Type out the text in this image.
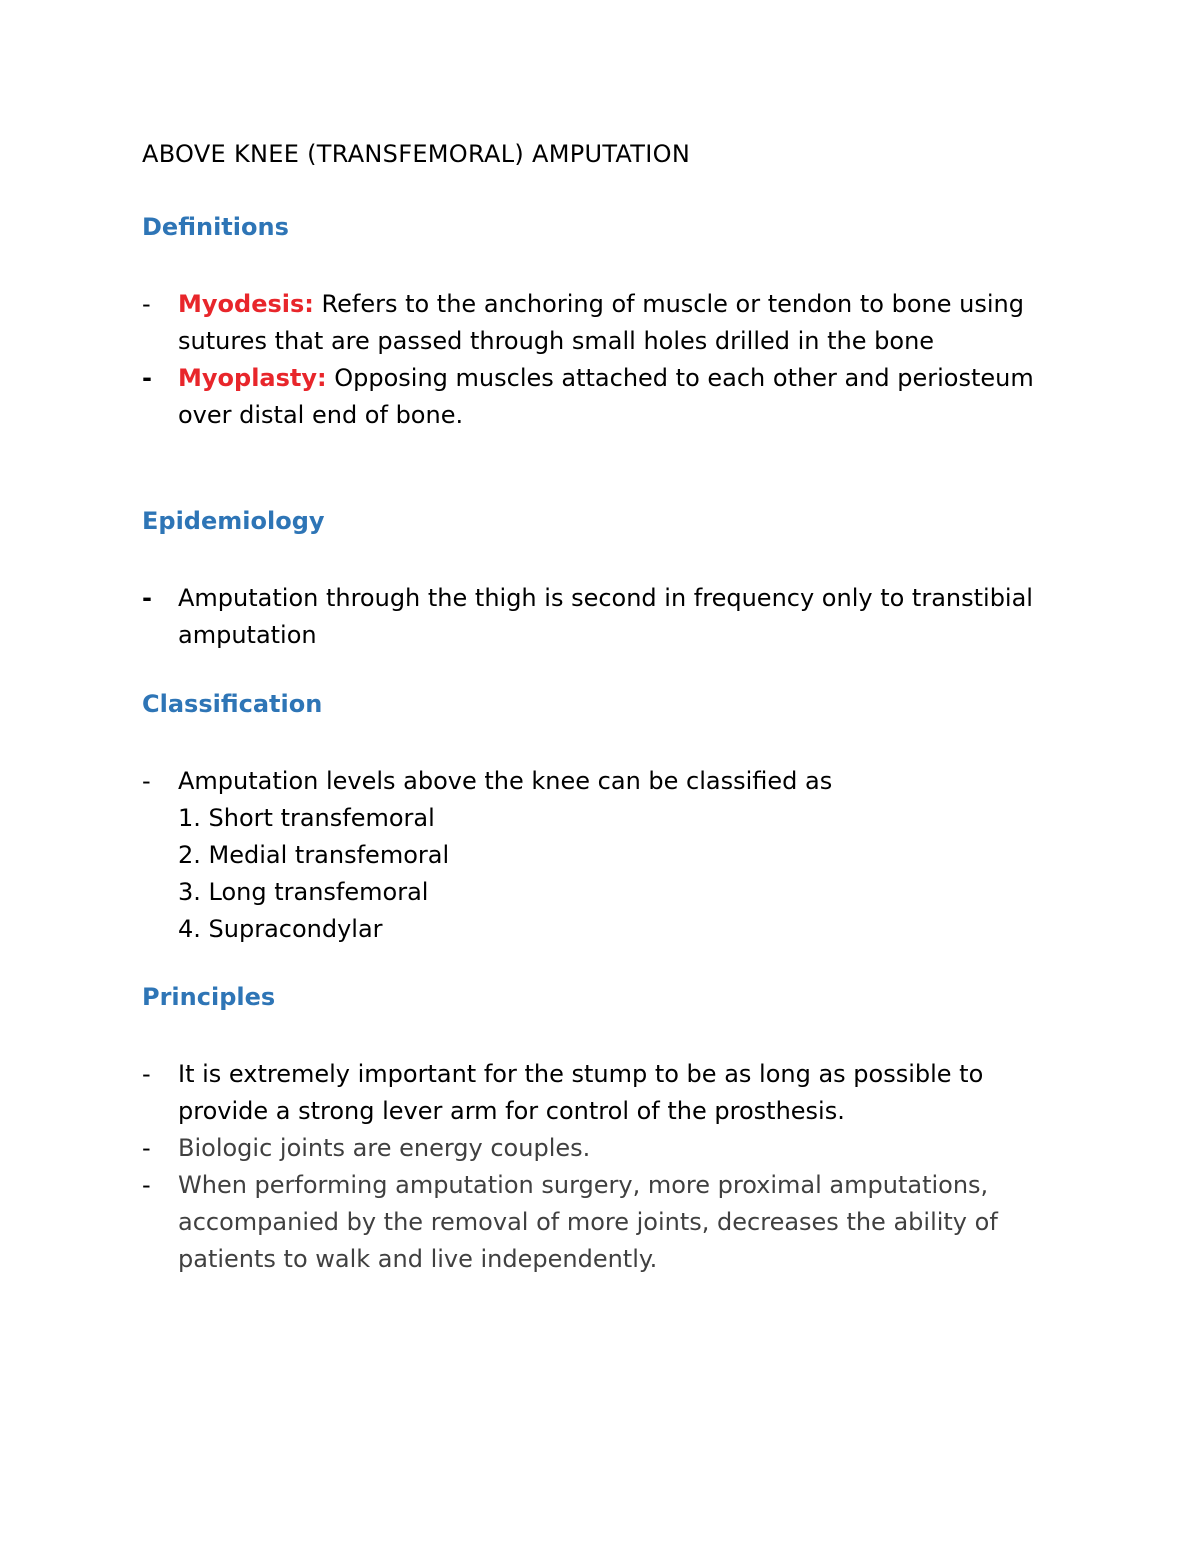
ABOVE KNEE (TRANSFEMORAL) AMPUTATION
Definitions
-	Myodesis: Refers to the anchoring of muscle or tendon to bone using sutures that are passed through small holes drilled in the bone
-	Myoplasty: Opposing muscles attached to each other and periosteum over distal end of bone.
Epidemiology
-	Amputation through the thigh is second in frequency only to transtibial amputation
Classification
-	Amputation levels above the knee can be classified as
1. Short transfemoral
2. Medial transfemoral
3. Long transfemoral
4. Supracondylar
Principles
-	It is extremely important for the stump to be as long as possible to provide a strong lever arm for control of the prosthesis.
-	Biologic joints are energy couples.
-	When performing amputation surgery, more proximal amputations, accompanied by the removal of more joints, decreases the ability of patients to walk and live independently.
